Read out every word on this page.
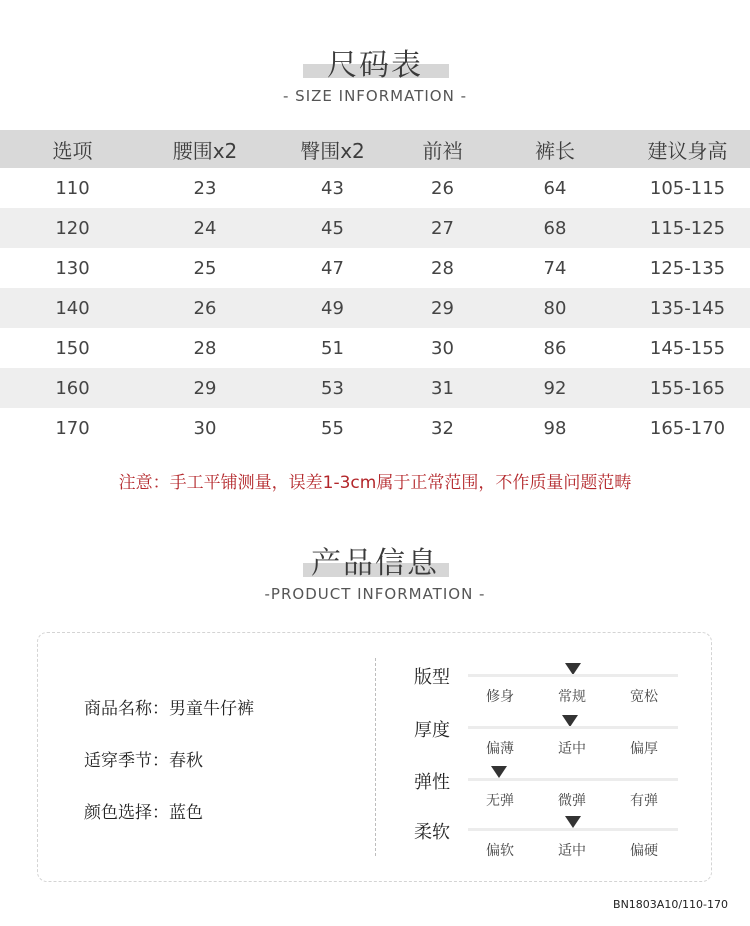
尺码表
- SIZE INFORMATION -
选项	腰围x2	臀围x2	前裆	裤长	建议身高
110	23	43	26	64	105-115
120	24	45	27	68	115-125
130	25	47	28	74	125-135
140	26	49	29	80	135-145
150	28	51	30	86	145-155
160	29	53	31	92	155-165
170	30	55	32	98	165-170
注意：手工平铺测量，误差1-3cm属于正常范围，不作质量问题范畴
产品信息
-PRODUCT INFORMATION -
商品名称：男童牛仔裤
适穿季节：春秋
颜色选择：蓝色
版型
修身	常规	宽松
厚度
偏薄	适中	偏厚
弹性
无弹	微弹	有弹
柔软
偏软	适中	偏硬
BN1803A10/110-170
